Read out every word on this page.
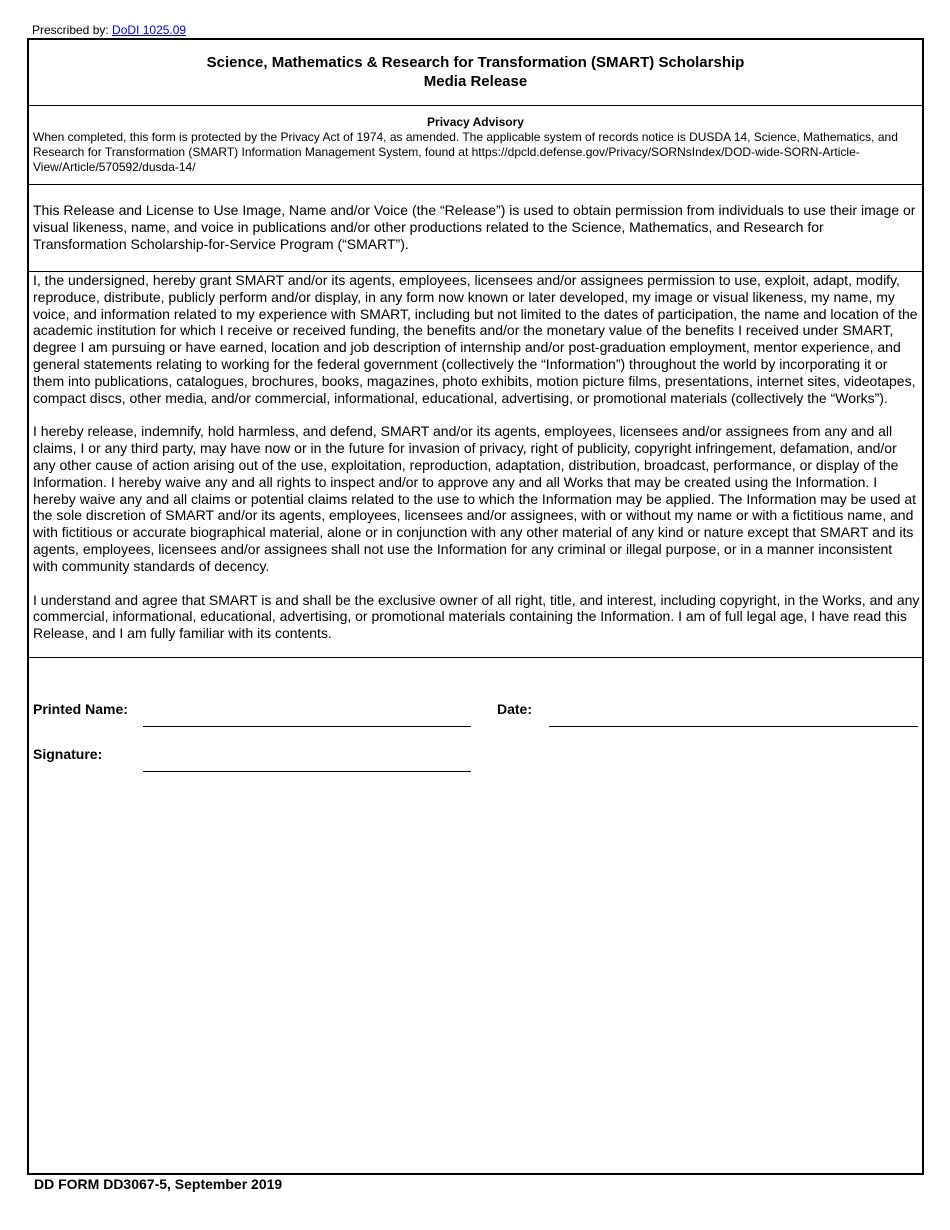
Prescribed by: DoDI 1025.09
Science, Mathematics & Research for Transformation (SMART) Scholarship
Media Release
Privacy Advisory
When completed, this form is protected by the Privacy Act of 1974, as amended. The applicable system of records notice is DUSDA 14, Science, Mathematics, and Research for Transformation (SMART) Information Management System, found at https://dpcld.defense.gov/Privacy/SORNsIndex/DOD-wide-SORN-Article-View/Article/570592/dusda-14/
This Release and License to Use Image, Name and/or Voice (the “Release”) is used to obtain permission from individuals to use their image or visual likeness, name, and voice in publications and/or other productions related to the Science, Mathematics, and Research for Transformation Scholarship-for-Service Program (“SMART”).

I, the undersigned, hereby grant SMART and/or its agents, employees, licensees and/or assignees permission to use, exploit, adapt, modify, reproduce, distribute, publicly perform and/or display, in any form now known or later developed, my image or visual likeness, my name, my voice, and information related to my experience with SMART, including but not limited to the dates of participation, the name and location of the academic institution for which I receive or received funding, the benefits and/or the monetary value of the benefits I received under SMART, degree I am pursuing or have earned, location and job description of internship and/or post-graduation employment, mentor experience, and general statements relating to working for the federal government (collectively the “Information”) throughout the world by incorporating it or them into publications, catalogues, brochures, books, magazines, photo exhibits, motion picture films, presentations, internet sites, videotapes, compact discs, other media, and/or commercial, informational, educational, advertising, or promotional materials (collectively the “Works”).

I hereby release, indemnify, hold harmless, and defend, SMART and/or its agents, employees, licensees and/or assignees from any and all claims, I or any third party, may have now or in the future for invasion of privacy, right of publicity, copyright infringement, defamation, and/or any other cause of action arising out of the use, exploitation, reproduction, adaptation, distribution, broadcast, performance, or display of the Information. I hereby waive any and all rights to inspect and/or to approve any and all Works that may be created using the Information. I hereby waive any and all claims or potential claims related to the use to which the Information may be applied. The Information may be used at the sole discretion of SMART and/or its agents, employees, licensees and/or assignees, with or without my name or with a fictitious name, and with fictitious or accurate biographical material, alone or in conjunction with any other material of any kind or nature except that SMART and its agents, employees, licensees and/or assignees shall not use the Information for any criminal or illegal purpose, or in a manner inconsistent with community standards of decency.

I understand and agree that SMART is and shall be the exclusive owner of all right, title, and interest, including copyright, in the Works, and any commercial, informational, educational, advertising, or promotional materials containing the Information. I am of full legal age, I have read this Release, and I am fully familiar with its contents.

Printed Name:	Date:
Signature:
DD FORM DD3067-5, September 2019
